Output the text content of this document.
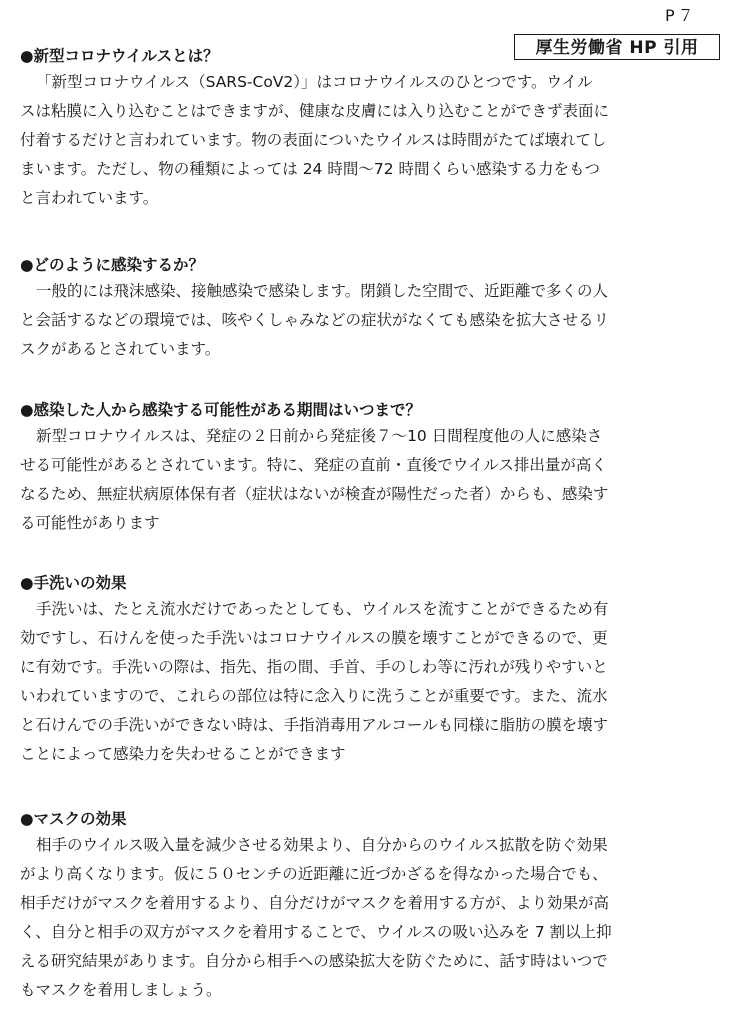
P７
厚生労働省 HP 引用
●新型コロナウイルスとは？
「新型コロナウイルス（SARS-CoV2）」はコロナウイルスのひとつです。ウイル
スは粘膜に入り込むことはできますが、健康な皮膚には入り込むことができず表面に
付着するだけと言われています。物の表面についたウイルスは時間がたてば壊れてし
まいます。ただし、物の種類によっては 24 時間～72 時間くらい感染する力をもつ
と言われています。
●どのように感染するか？
一般的には飛沫感染、接触感染で感染します。閉鎖した空間で、近距離で多くの人
と会話するなどの環境では、咳やくしゃみなどの症状がなくても感染を拡大させるリ
スクがあるとされています。
●感染した人から感染する可能性がある期間はいつまで？
新型コロナウイルスは、発症の２日前から発症後７～10 日間程度他の人に感染さ
せる可能性があるとされています。特に、発症の直前・直後でウイルス排出量が高く
なるため、無症状病原体保有者（症状はないが検査が陽性だった者）からも、感染す
る可能性があります
●手洗いの効果
手洗いは、たとえ流水だけであったとしても、ウイルスを流すことができるため有
効ですし、石けんを使った手洗いはコロナウイルスの膜を壊すことができるので、更
に有効です。手洗いの際は、指先、指の間、手首、手のしわ等に汚れが残りやすいと
いわれていますので、これらの部位は特に念入りに洗うことが重要です。また、流水
と石けんでの手洗いができない時は、手指消毒用アルコールも同様に脂肪の膜を壊す
ことによって感染力を失わせることができます
●マスクの効果
相手のウイルス吸入量を減少させる効果より、自分からのウイルス拡散を防ぐ効果
がより高くなります。仮に５０センチの近距離に近づかざるを得なかった場合でも、
相手だけがマスクを着用するより、自分だけがマスクを着用する方が、より効果が高
く、自分と相手の双方がマスクを着用することで、ウイルスの吸い込みを 7 割以上抑
える研究結果があります。自分から相手への感染拡大を防ぐために、話す時はいつで
もマスクを着用しましょう。
